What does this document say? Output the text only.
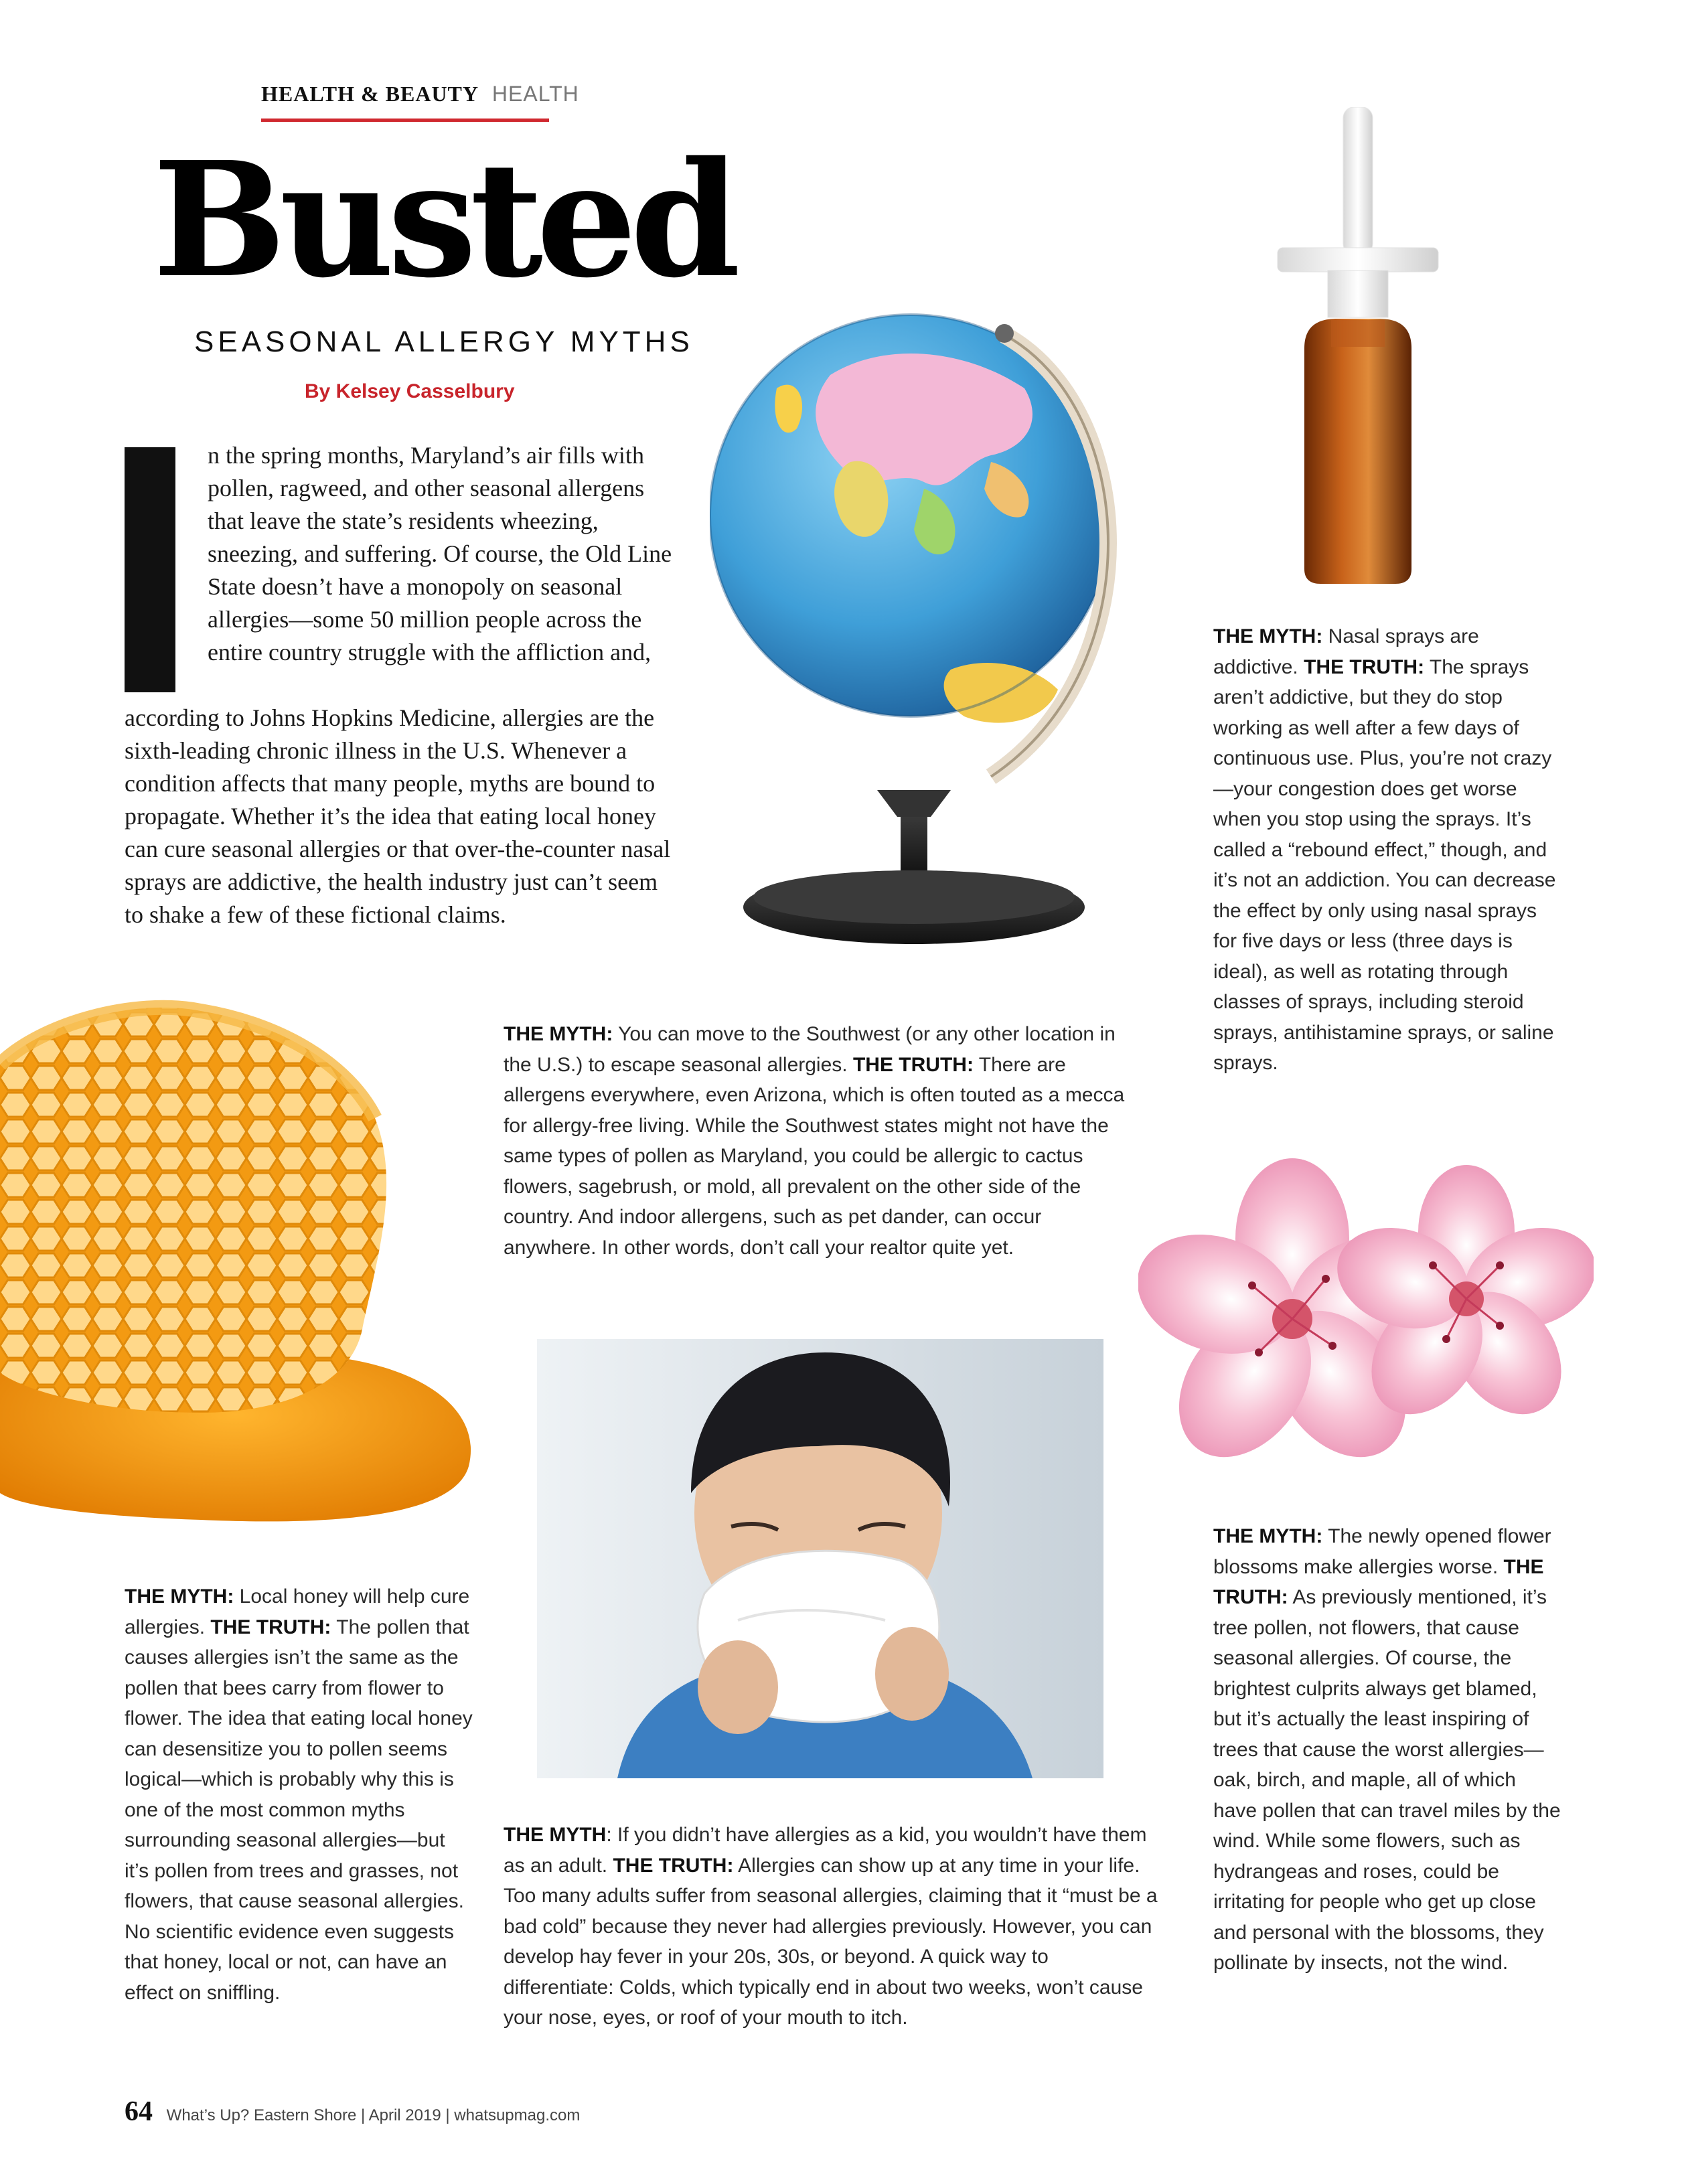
HEALTH & BEAUTY HEALTH
Busted
SEASONAL ALLERGY MYTHS
By Kelsey Casselbury

n the spring months, Maryland’s air fills with pollen, ragweed, and other seasonal allergens that leave the state’s residents wheezing, sneezing, and suffering. Of course, the Old Line State doesn’t have a monopoly on seasonal allergies—some 50 million people across the entire country struggle with the affliction and,

according to Johns Hopkins Medicine, allergies are the sixth-leading chronic illness in the U.S. Whenever a condition affects that many people, myths are bound to propagate. Whether it’s the idea that eating local honey can cure seasonal allergies or that over-the-counter nasal sprays are addictive, the health industry just can’t seem to shake a few of these fictional claims.

THE MYTH: Nasal sprays are addictive. THE TRUTH: The sprays aren’t addictive, but they do stop working as well after a few days of continuous use. Plus, you’re not crazy—your congestion does get worse when you stop using the sprays. It’s called a “rebound effect,” though, and it’s not an addiction. You can decrease the effect by only using nasal sprays for five days or less (three days is ideal), as well as rotating through classes of sprays, including steroid sprays, antihistamine sprays, or saline sprays.

THE MYTH: You can move to the Southwest (or any other location in the U.S.) to escape seasonal allergies. THE TRUTH: There are allergens everywhere, even Arizona, which is often touted as a mecca for allergy-free living. While the Southwest states might not have the same types of pollen as Maryland, you could be allergic to cactus flowers, sagebrush, or mold, all prevalent on the other side of the country. And indoor allergens, such as pet dander, can occur anywhere. In other words, don’t call your realtor quite yet.

THE MYTH: Local honey will help cure allergies. THE TRUTH: The pollen that causes allergies isn’t the same as the pollen that bees carry from flower to flower. The idea that eating local honey can desensitize you to pollen seems logical—which is probably why this is one of the most common myths surrounding seasonal allergies—but it’s pollen from trees and grasses, not flowers, that cause seasonal allergies. No scientific evidence even suggests that honey, local or not, can have an effect on sniffling.

THE MYTH: If you didn’t have allergies as a kid, you wouldn’t have them as an adult. THE TRUTH: Allergies can show up at any time in your life. Too many adults suffer from seasonal allergies, claiming that it “must be a bad cold” because they never had allergies previously. However, you can develop hay fever in your 20s, 30s, or beyond. A quick way to differentiate: Colds, which typically end in about two weeks, won’t cause your nose, eyes, or roof of your mouth to itch.

THE MYTH: The newly opened flower blossoms make allergies worse. THE TRUTH: As previously mentioned, it’s tree pollen, not flowers, that cause seasonal allergies. Of course, the brightest culprits always get blamed, but it’s actually the least inspiring of trees that cause the worst allergies—oak, birch, and maple, all of which have pollen that can travel miles by the wind. While some flowers, such as hydrangeas and roses, could be irritating for people who get up close and personal with the blossoms, they pollinate by insects, not the wind.

64 What’s Up? Eastern Shore | April 2019 | whatsupmag.com
